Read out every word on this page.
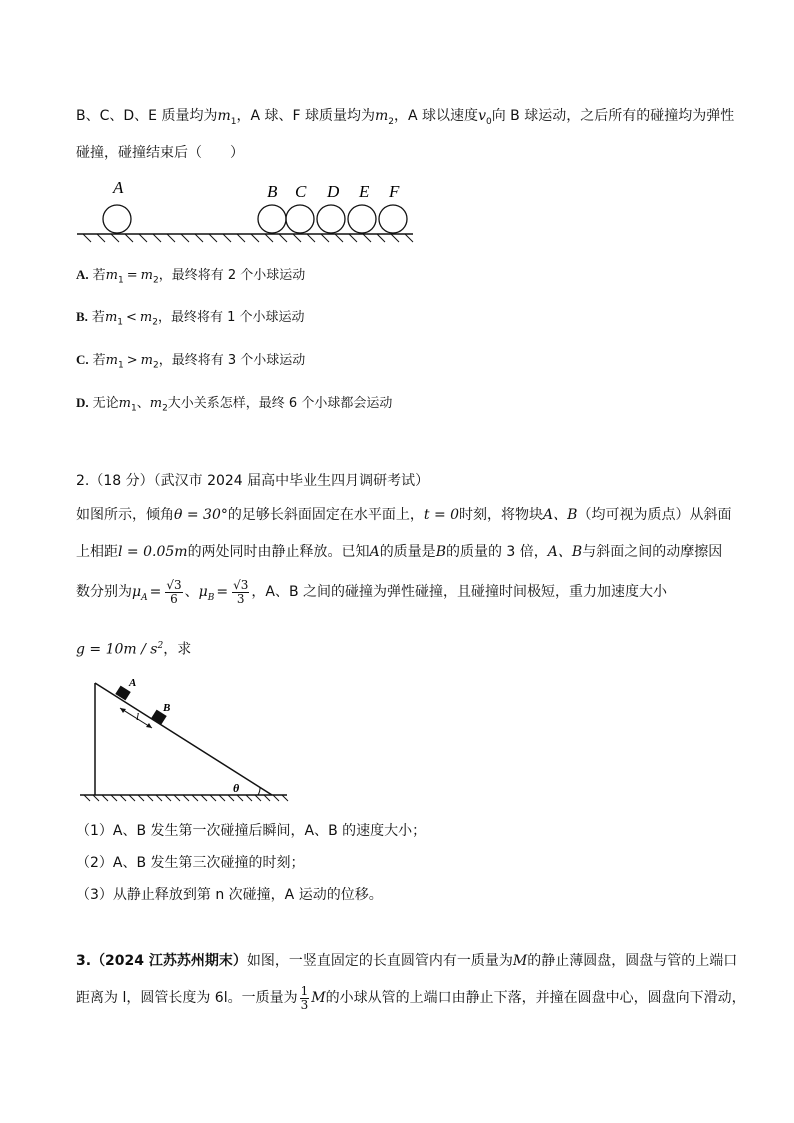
B、C、D、E 质量均为$m_1$，A 球、F 球质量均为$m_2$，A 球以速度$v_0$向 B 球运动，之后所有的碰撞均为弹性
碰撞，碰撞结束后（　　）
A	B C D E F
A. 若$m_1 = m_2$，最终将有 2 个小球运动
B. 若$m_1 < m_2$，最终将有 1 个小球运动
C. 若$m_1 > m_2$，最终将有 3 个小球运动
D. 无论$m_1$、$m_2$大小关系怎样，最终 6 个小球都会运动
2.（18 分）（武汉市 2024 届高中毕业生四月调研考试）
如图所示，倾角θ = 30°的足够长斜面固定在水平面上，t = 0时刻，将物块A、B（均可视为质点）从斜面
上相距l = 0.05m的两处同时由静止释放。已知A的质量是B的质量的 3 倍，A、B与斜面之间的动摩擦因
数分别为$\mu_A = \frac{√3}{6}$ 、$\mu_B = \frac{√3}{3}$ ，A、B 之间的碰撞为弹性碰撞，且碰撞时间极短，重力加速度大小
$g = 10m / s^2$，求
A
B
l
θ
（1）A、B 发生第一次碰撞后瞬间，A、B 的速度大小；
（2）A、B 发生第三次碰撞的时刻；
（3）从静止释放到第 n 次碰撞，A 运动的位移。
3.（2024 江苏苏州期末）如图，一竖直固定的长直圆管内有一质量为M的静止薄圆盘，圆盘与管的上端口
距离为 l，圆管长度为 6l。一质量为 $\frac{1}{3}$ M的小球从管的上端口由静止下落，并撞在圆盘中心，圆盘向下滑动，
